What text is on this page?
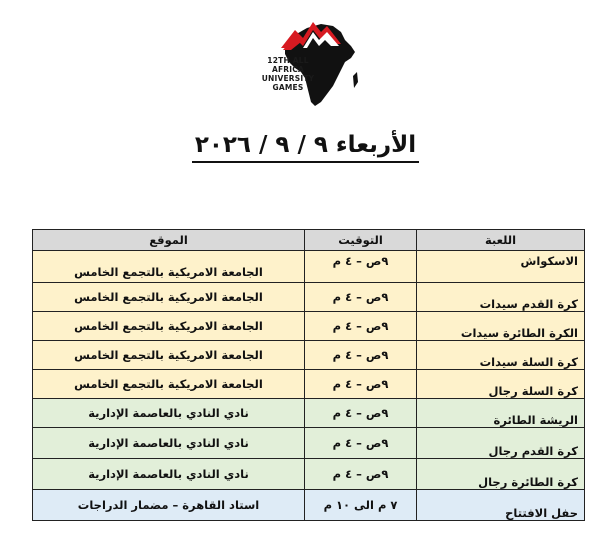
12TH ALL
AFRICA
UNIVERSITY
GAMES
الأربعاء ٩ / ٩ / ٢٠٢٦
اللعبة	التوقيت	الموقع
الاسكواش	٩ص – ٤ م	الجامعة الامريكية بالتجمع الخامس
كرة القدم سيدات	٩ص – ٤ م	الجامعة الامريكية بالتجمع الخامس
الكرة الطائرة سيدات	٩ص – ٤ م	الجامعة الامريكية بالتجمع الخامس
كرة السلة سيدات	٩ص – ٤ م	الجامعة الامريكية بالتجمع الخامس
كرة السلة رجال	٩ص – ٤ م	الجامعة الامريكية بالتجمع الخامس
الريشة الطائرة	٩ص – ٤ م	نادي النادي بالعاصمة الإدارية
كرة القدم رجال	٩ص – ٤ م	نادي النادي بالعاصمة الإدارية
كرة الطائرة رجال	٩ص – ٤ م	نادي النادي بالعاصمة الإدارية
حفل الافتتاح	٧ م الى ١٠ م	استاد القاهرة – مضمار الدراجات
